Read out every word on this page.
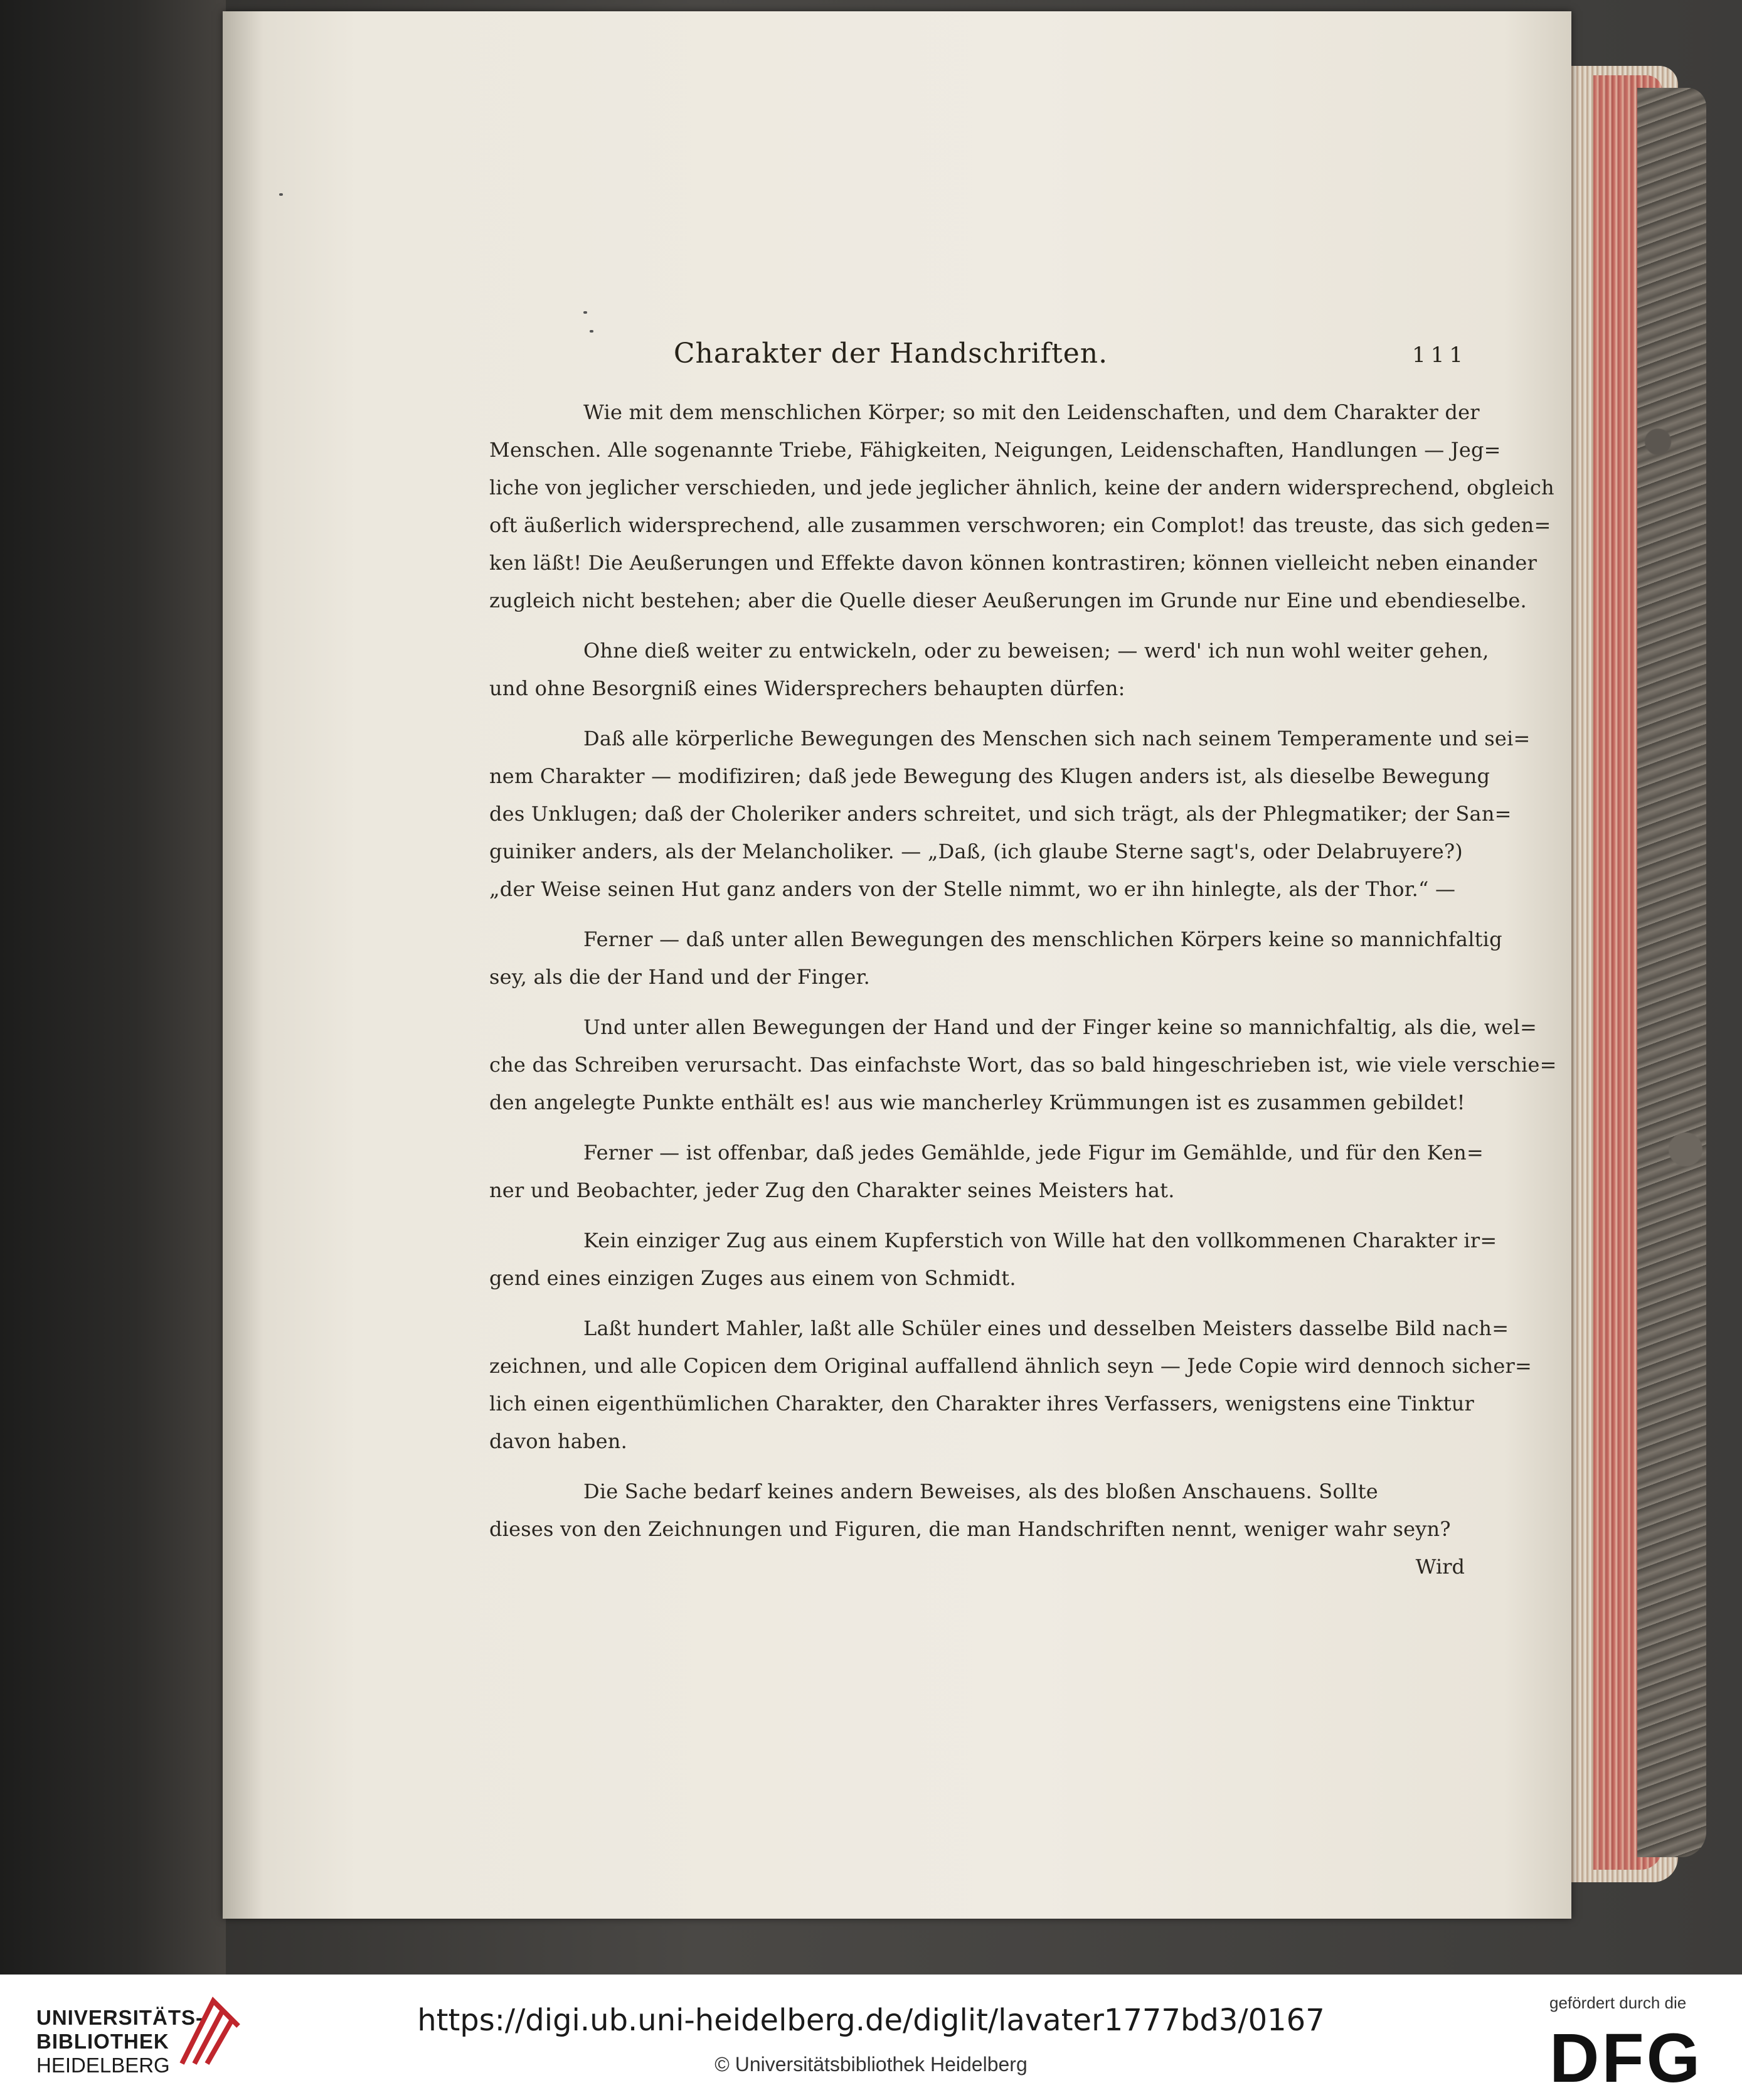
Charakter der Handschriften.	111
Wie mit dem menschlichen Körper; so mit den Leidenschaften, und dem Charakter der
Menschen. Alle sogenannte Triebe, Fähigkeiten, Neigungen, Leidenschaften, Handlungen — Jeg=
liche von jeglicher verschieden, und jede jeglicher ähnlich, keine der andern widersprechend, obgleich
oft äußerlich widersprechend, alle zusammen verschworen; ein Complot! das treuste, das sich geden=
ken läßt! Die Aeußerungen und Effekte davon können kontrastiren; können vielleicht neben einander
zugleich nicht bestehen; aber die Quelle dieser Aeußerungen im Grunde nur Eine und ebendieselbe.
Ohne dieß weiter zu entwickeln, oder zu beweisen; — werd' ich nun wohl weiter gehen,
und ohne Besorgniß eines Widersprechers behaupten dürfen:
Daß alle körperliche Bewegungen des Menschen sich nach seinem Temperamente und sei=
nem Charakter — modifiziren; daß jede Bewegung des Klugen anders ist, als dieselbe Bewegung
des Unklugen; daß der Choleriker anders schreitet, und sich trägt, als der Phlegmatiker; der San=
guiniker anders, als der Melancholiker. — „Daß, (ich glaube Sterne sagt's, oder Delabruyere?)
„der Weise seinen Hut ganz anders von der Stelle nimmt, wo er ihn hinlegte, als der Thor.“ —
Ferner — daß unter allen Bewegungen des menschlichen Körpers keine so mannichfaltig
sey, als die der Hand und der Finger.
Und unter allen Bewegungen der Hand und der Finger keine so mannichfaltig, als die, wel=
che das Schreiben verursacht. Das einfachste Wort, das so bald hingeschrieben ist, wie viele verschie=
den angelegte Punkte enthält es! aus wie mancherley Krümmungen ist es zusammen gebildet!
Ferner — ist offenbar, daß jedes Gemählde, jede Figur im Gemählde, und für den Ken=
ner und Beobachter, jeder Zug den Charakter seines Meisters hat.
Kein einziger Zug aus einem Kupferstich von Wille hat den vollkommenen Charakter ir=
gend eines einzigen Zuges aus einem von Schmidt.
Laßt hundert Mahler, laßt alle Schüler eines und desselben Meisters dasselbe Bild nach=
zeichnen, und alle Copicen dem Original auffallend ähnlich seyn — Jede Copie wird dennoch sicher=
lich einen eigenthümlichen Charakter, den Charakter ihres Verfassers, wenigstens eine Tinktur
davon haben.
Die Sache bedarf keines andern Beweises, als des bloßen Anschauens. Sollte
dieses von den Zeichnungen und Figuren, die man Handschriften nennt, weniger wahr seyn?
Wird
UNIVERSITÄTS-
BIBLIOTHEK
HEIDELBERG
https://digi.ub.uni-heidelberg.de/diglit/lavater1777bd3/0167
© Universitätsbibliothek Heidelberg
gefördert durch die
DFG
